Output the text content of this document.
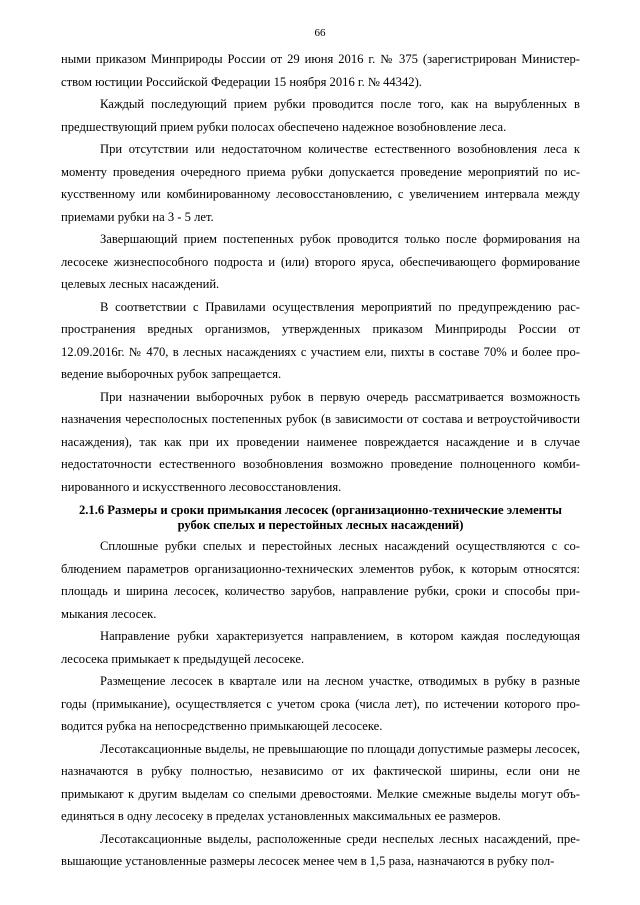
66

ными приказом Минприроды России от 29 июня 2016 г. № 375 (зарегистрирован Министерством юстиции Российской Федерации 15 ноября 2016 г. № 44342).

Каждый последующий прием рубки проводится после того, как на вырубленных в предшествующий прием рубки полосах обеспечено надежное возобновление леса.

При отсутствии или недостаточном количестве естественного возобновления леса к моменту проведения очередного приема рубки допускается проведение мероприятий по искусственному или комбинированному лесовосстановлению, с увеличением интервала между приемами рубки на 3 - 5 лет.

Завершающий прием постепенных рубок проводится только после формирования на лесосеке жизнеспособного подроста и (или) второго яруса, обеспечивающего формирование целевых лесных насаждений.

В соответствии с Правилами осуществления мероприятий по предупреждению распространения вредных организмов, утвержденных приказом Минприроды России от 12.09.2016г. № 470, в лесных насаждениях с участием ели, пихты в составе 70% и более проведение выборочных рубок запрещается.

При назначении выборочных рубок в первую очередь рассматривается возможность назначения чересполосных постепенных рубок (в зависимости от состава и ветроустойчивости насаждения), так как при их проведении наименее повреждается насаждение и в случае недостаточности естественного возобновления возможно проведение полноценного комбинированного и искусственного лесовосстановления.

2.1.6 Размеры и сроки примыкания лесосек (организационно-технические элементы
рубок спелых и перестойных лесных насаждений)

Сплошные рубки спелых и перестойных лесных насаждений осуществляются с соблюдением параметров организационно-технических элементов рубок, к которым относятся: площадь и ширина лесосек, количество зарубов, направление рубки, сроки и способы примыкания лесосек.

Направление рубки характеризуется направлением, в котором каждая последующая лесосека примыкает к предыдущей лесосеке.

Размещение лесосек в квартале или на лесном участке, отводимых в рубку в разные годы (примыкание), осуществляется с учетом срока (числа лет), по истечении которого проводится рубка на непосредственно примыкающей лесосеке.

Лесотаксационные выделы, не превышающие по площади допустимые размеры лесосек, назначаются в рубку полностью, независимо от их фактической ширины, если они не примыкают к другим выделам со спелыми древостоями. Мелкие смежные выделы могут объединяться в одну лесосеку в пределах установленных максимальных ее размеров.

Лесотаксационные выделы, расположенные среди неспелых лесных насаждений, превышающие установленные размеры лесосек менее чем в 1,5 раза, назначаются в рубку пол-
